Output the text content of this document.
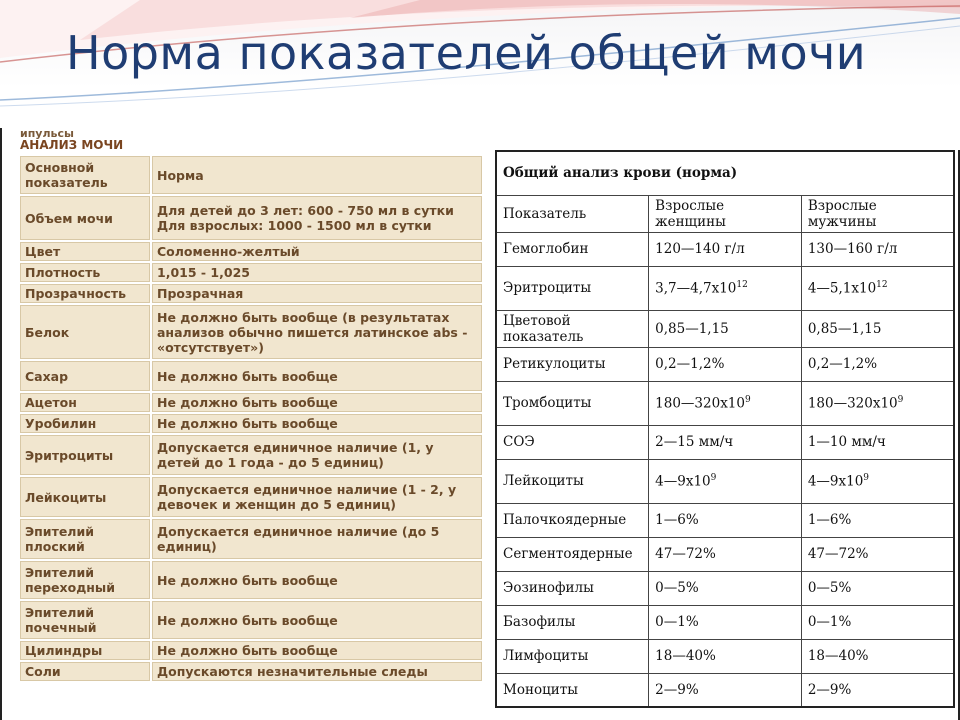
Норма показателей общей мочи
ипульсы
АНАЛИЗ МОЧИ
Основной показатель	Норма
Объем мочи	Для детей до 3 лет: 600 - 750 мл в сутки Для взрослых: 1000 - 1500 мл в сутки
Цвет	Соломенно-желтый
Плотность	1,015 - 1,025
Прозрачность	Прозрачная
Белок	Не должно быть вообще (в результатах анализов обычно пишется латинское abs - «отсутствует»)
Сахар	Не должно быть вообще
Ацетон	Не должно быть вообще
Уробилин	Не должно быть вообще
Эритроциты	Допускается единичное наличие (1, у детей до 1 года - до 5 единиц)
Лейкоциты	Допускается единичное наличие (1 - 2, у девочек и женщин до 5 единиц)
Эпителий плоский	Допускается единичное наличие (до 5 единиц)
Эпителий переходный	Не должно быть вообще
Эпителий почечный	Не должно быть вообще
Цилиндры	Не должно быть вообще
Соли	Допускаются незначительные следы
Общий анализ крови (норма)		
Показатель	Взрослые женщины	Взрослые мужчины
Гемоглобин	120—140 г/л	130—160 г/л
Эритроциты	$3,7—4,7х10^{12}$	$4—5,1х10^{12}$
Цветовой показатель	0,85—1,15	0,85—1,15
Ретикулоциты	0,2—1,2%	0,2—1,2%
Тромбоциты	$180—320х10^9$	$180—320х10^9$
СОЭ	2—15 мм/ч	1—10 мм/ч
Лейкоциты	$4—9х10^9$	$4—9х10^9$
Палочкоядерные	1—6%	1—6%
Сегментоядерные	47—72%	47—72%
Эозинофилы	0—5%	0—5%
Базофилы	0—1%	0—1%
Лимфоциты	18—40%	18—40%
Моноциты	2—9%	2—9%
